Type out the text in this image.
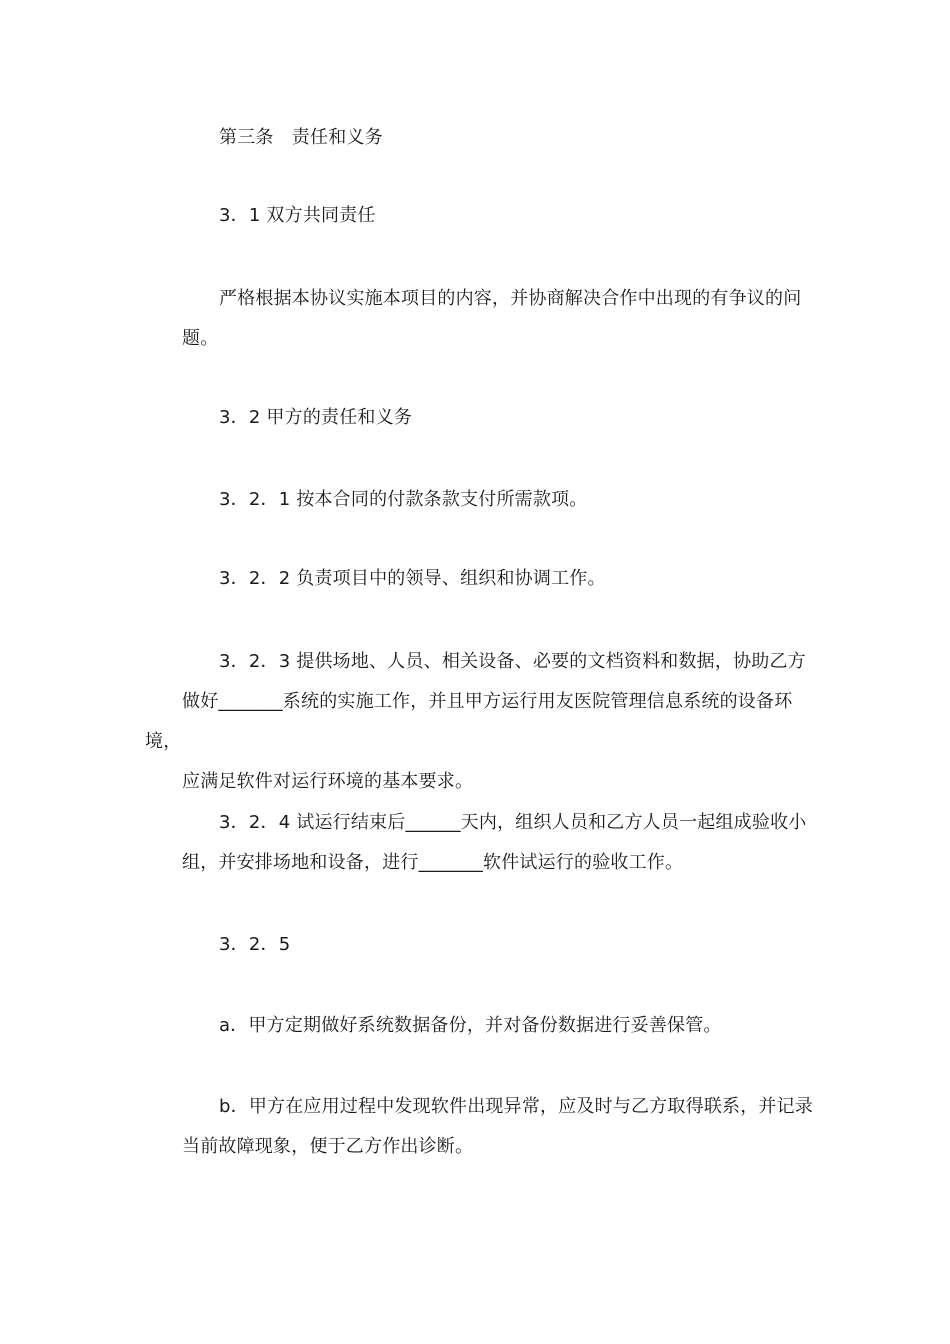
第三条　责任和义务
3．1 双方共同责任
严格根据本协议实施本项目的内容，并协商解决合作中出现的有争议的问
题。
3．2 甲方的责任和义务
3．2．1 按本合同的付款条款支付所需款项。
3．2．2 负责项目中的领导、组织和协调工作。
3．2．3 提供场地、人员、相关设备、必要的文档资料和数据，协助乙方
做好_______系统的实施工作，并且甲方运行用友医院管理信息系统的设备环境，
应满足软件对运行环境的基本要求。
3．2．4 试运行结束后______天内，组织人员和乙方人员一起组成验收小
组，并安排场地和设备，进行_______软件试运行的验收工作。
3．2．5
a．甲方定期做好系统数据备份，并对备份数据进行妥善保管。
b．甲方在应用过程中发现软件出现异常，应及时与乙方取得联系，并记录
当前故障现象，便于乙方作出诊断。
